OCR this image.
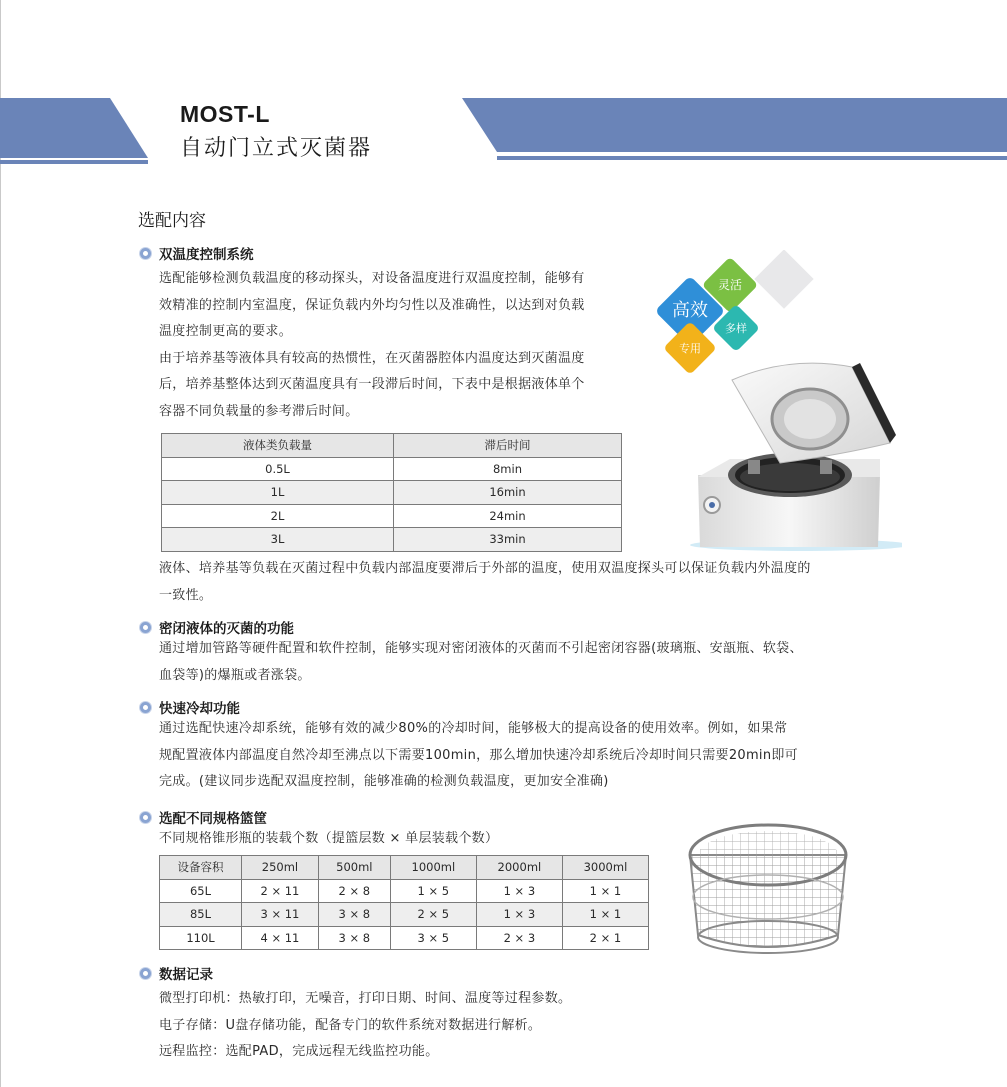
MOST-L
自动门立式灭菌器
选配内容
双温度控制系统
选配能够检测负载温度的移动探头，对设备温度进行双温度控制，能够有
效精准的控制内室温度，保证负载内外均匀性以及准确性，以达到对负载
温度控制更高的要求。
由于培养基等液体具有较高的热惯性，在灭菌器腔体内温度达到灭菌温度
后，培养基整体达到灭菌温度具有一段滞后时间，下表中是根据液体单个
容器不同负载量的参考滞后时间。
液体类负载量	滞后时间
0.5L	8min
1L	16min
2L	24min
3L	33min
液体、培养基等负载在灭菌过程中负载内部温度要滞后于外部的温度，使用双温度探头可以保证负载内外温度的
一致性。
密闭液体的灭菌的功能
通过增加管路等硬件配置和软件控制，能够实现对密闭液体的灭菌而不引起密闭容器(玻璃瓶、安瓿瓶、软袋、
血袋等)的爆瓶或者涨袋。
快速冷却功能
通过选配快速冷却系统，能够有效的减少80%的冷却时间，能够极大的提高设备的使用效率。例如，如果常
规配置液体内部温度自然冷却至沸点以下需要100min，那么增加快速冷却系统后冷却时间只需要20min即可
完成。(建议同步选配双温度控制，能够准确的检测负载温度，更加安全准确)
选配不同规格篮筐
不同规格锥形瓶的装载个数（提篮层数 × 单层装载个数）
设备容积	250ml	500ml	1000ml	2000ml	3000ml
65L	2 × 11	2 × 8	1 × 5	1 × 3	1 × 1
85L	3 × 11	3 × 8	2 × 5	1 × 3	1 × 1
110L	4 × 11	3 × 8	3 × 5	2 × 3	2 × 1
数据记录
微型打印机：热敏打印，无噪音，打印日期、时间、温度等过程参数。
电子存储：U盘存储功能，配备专门的软件系统对数据进行解析。
远程监控：选配PAD，完成远程无线监控功能。
高效
灵活
多样
专用
